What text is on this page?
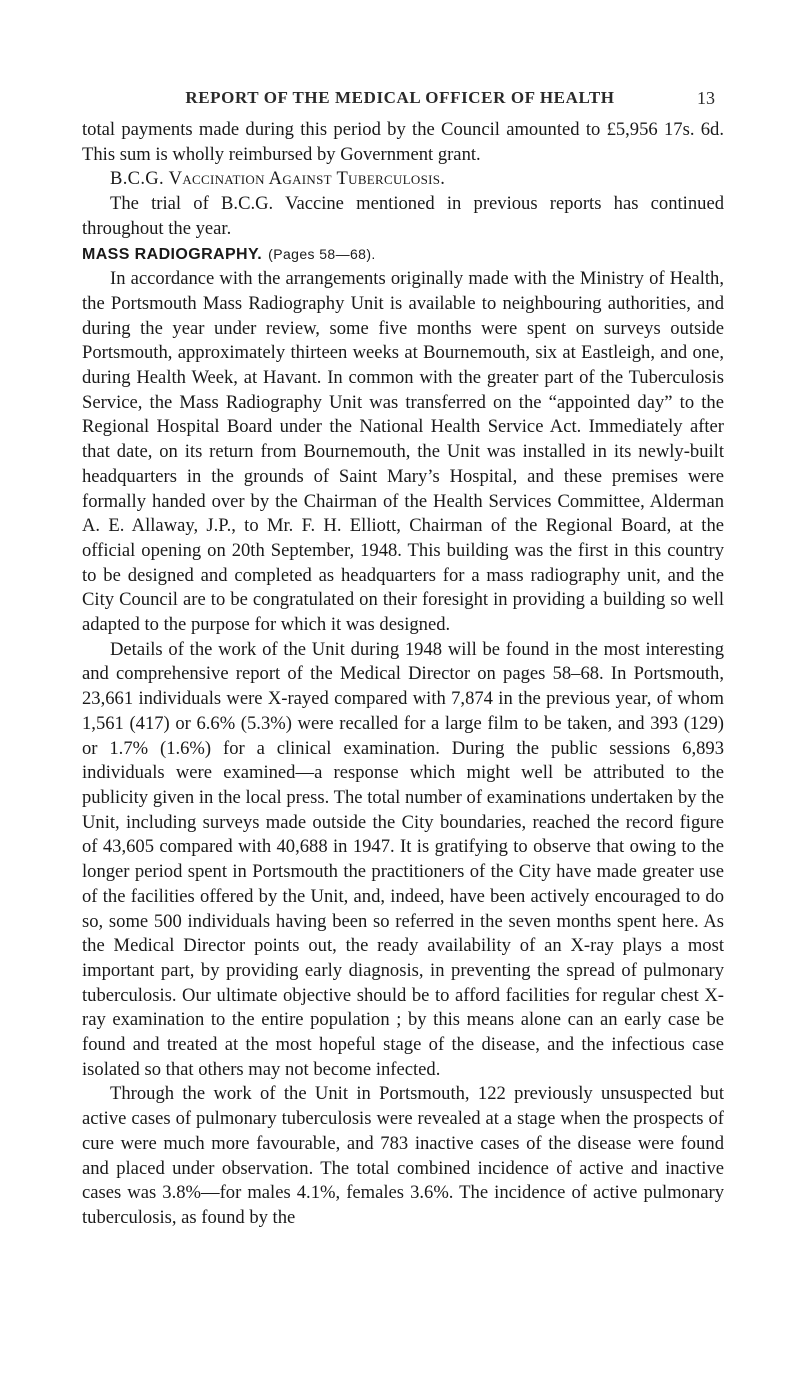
REPORT OF THE MEDICAL OFFICER OF HEALTH	13

total payments made during this period by the Council amounted to £5,956 17s. 6d. This sum is wholly reimbursed by Government grant.

B.C.G. Vaccination Against Tuberculosis.

The trial of B.C.G. Vaccine mentioned in previous reports has continued throughout the year.

MASS RADIOGRAPHY. (Pages 58—68).

In accordance with the arrangements originally made with the Ministry of Health, the Portsmouth Mass Radiography Unit is available to neighbouring authorities, and during the year under review, some five months were spent on surveys outside Portsmouth, approximately thirteen weeks at Bournemouth, six at Eastleigh, and one, during Health Week, at Havant. In common with the greater part of the Tuberculosis Service, the Mass Radiography Unit was transferred on the “appointed day” to the Regional Hospital Board under the National Health Service Act. Immediately after that date, on its return from Bournemouth, the Unit was installed in its newly-built headquarters in the grounds of Saint Mary’s Hospital, and these premises were formally handed over by the Chairman of the Health Services Committee, Alderman A. E. Allaway, J.P., to Mr. F. H. Elliott, Chairman of the Regional Board, at the official opening on 20th September, 1948. This building was the first in this country to be designed and completed as headquarters for a mass radiography unit, and the City Council are to be congratulated on their foresight in providing a building so well adapted to the purpose for which it was designed.

Details of the work of the Unit during 1948 will be found in the most interesting and comprehensive report of the Medical Director on pages 58–68. In Portsmouth, 23,661 individuals were X-rayed compared with 7,874 in the previous year, of whom 1,561 (417) or 6.6% (5.3%) were recalled for a large film to be taken, and 393 (129) or 1.7% (1.6%) for a clinical examination. During the public sessions 6,893 individuals were examined—a response which might well be attributed to the publicity given in the local press. The total number of examinations undertaken by the Unit, including surveys made outside the City boundaries, reached the record figure of 43,605 compared with 40,688 in 1947. It is gratifying to observe that owing to the longer period spent in Portsmouth the practitioners of the City have made greater use of the facilities offered by the Unit, and, indeed, have been actively encouraged to do so, some 500 individuals having been so referred in the seven months spent here. As the Medical Director points out, the ready availability of an X-ray plays a most important part, by providing early diagnosis, in preventing the spread of pulmonary tuberculosis. Our ultimate objective should be to afford facilities for regular chest X-ray examination to the entire population ; by this means alone can an early case be found and treated at the most hopeful stage of the disease, and the infectious case isolated so that others may not become infected.

Through the work of the Unit in Portsmouth, 122 previously unsuspected but active cases of pulmonary tuberculosis were revealed at a stage when the prospects of cure were much more favourable, and 783 inactive cases of the disease were found and placed under observation. The total combined incidence of active and inactive cases was 3.8%—for males 4.1%, females 3.6%. The incidence of active pulmonary tuberculosis, as found by the
